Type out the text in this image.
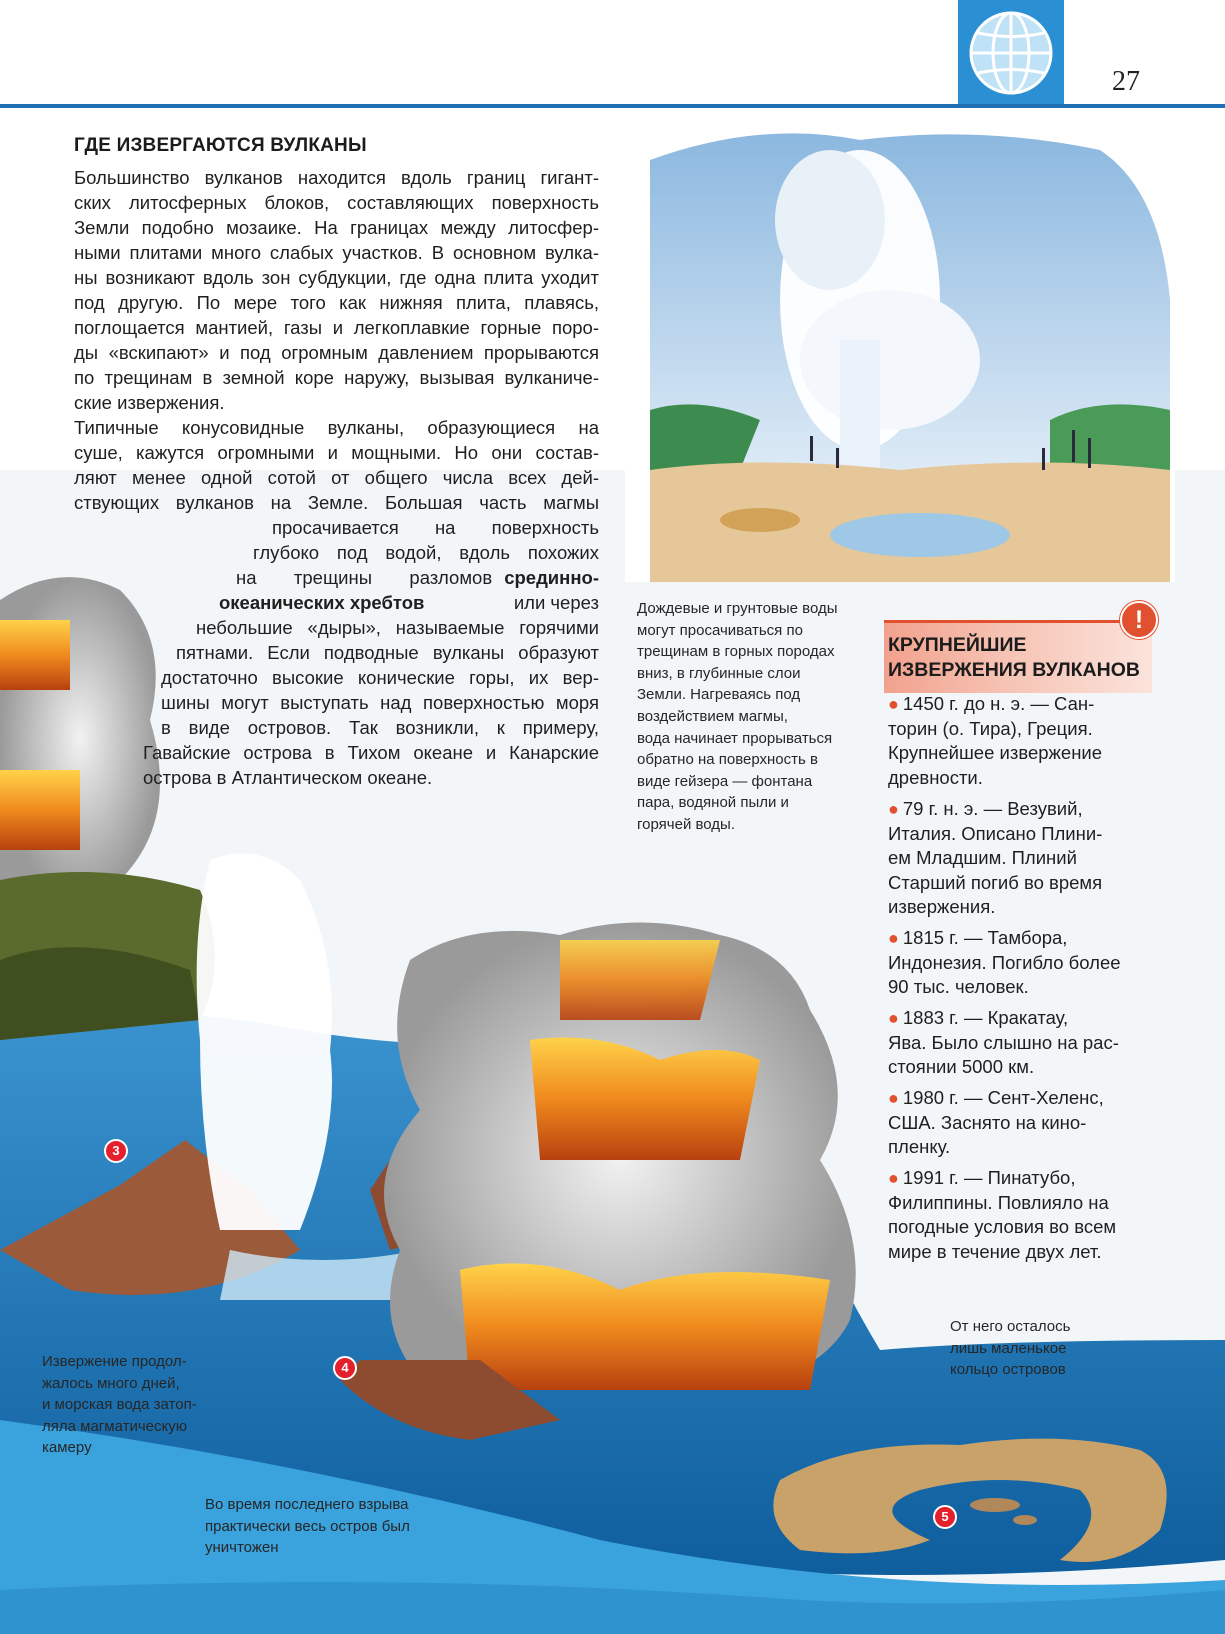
27
ГДЕ ИЗВЕРГАЮТСЯ ВУЛКАНЫ
Большинство вулканов находится вдоль границ гигант-
ских литосферных блоков, составляющих поверхность
Земли подобно мозаике. На границах между литосфер-
ными плитами много слабых участков. В основном вулка-
ны возникают вдоль зон субдукции, где одна плита уходит
под другую. По мере того как нижняя плита, плавясь,
поглощается мантией, газы и легкоплавкие горные поро-
ды «вскипают» и под огромным давлением прорываются
по трещинам в земной коре наружу, вызывая вулканиче-
ские извержения.
Типичные конусовидные вулканы, образующиеся на
суше, кажутся огромными и мощными. Но они состав-
ляют менее одной сотой от общего числа всех дей-
ствующих вулканов на Земле. Большая часть магмы
просачивается на поверхность
глубоко под водой, вдоль похожих
на трещины разломов срединно-
океанических хребтов	или через
небольшие «дыры», называемые горячими
пятнами. Если подводные вулканы образуют
достаточно высокие конические горы, их вер-
шины могут выступать над поверхностью моря
в виде островов. Так возникли, к примеру,
Гавайские острова в Тихом океане и Канарские
острова в Атлантическом океане.
Дождевые и грунтовые воды
могут просачиваться по
трещинам в горных породах
вниз, в глубинные слои
Земли. Нагреваясь под
воздействием магмы,
вода начинает прорываться
обратно на поверхность в
виде гейзера — фонтана
пара, водяной пыли и
горячей воды.
КРУПНЕЙШИЕ
ИЗВЕРЖЕНИЯ ВУЛКАНОВ
!
● 1450 г. до н. э. — Сан-
торин (о. Тира), Греция.
Крупнейшее извержение
древности.
● 79 г. н. э. — Везувий,
Италия. Описано Плини-
ем Младшим. Плиний
Старший погиб во время
извержения.
● 1815 г. — Тамбора,
Индонезия. Погибло более
90 тыс. человек.
● 1883 г. — Кракатау,
Ява. Было слышно на рас-
стоянии 5000 км.
● 1980 г. — Сент-Хеленс,
США. Заснято на кино-
пленку.
● 1991 г. — Пинатубо,
Филиппины. Повлияло на
погодные условия во всем
мире в течение двух лет.
От него осталось
лишь маленькое
кольцо островов
Извержение продол-
жалось много дней,
и морская вода затоп-
ляла магматическую
камеру
Во время последнего взрыва
практически весь остров был
уничтожен
3
4
5
